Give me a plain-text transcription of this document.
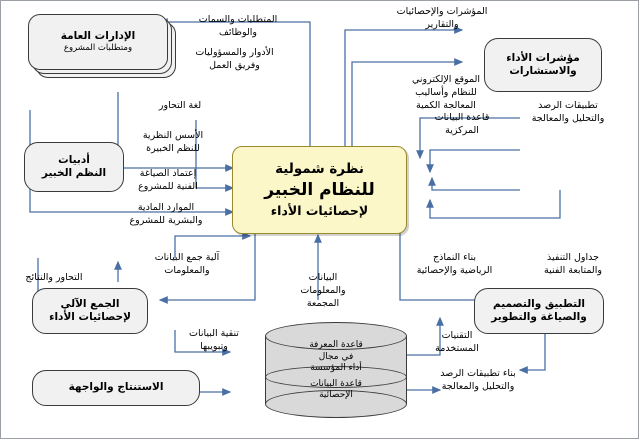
نظرة شمولية
للنظام الخبير
لإحصائيات الأداء
مؤشرات الأداء
والاستشارات
الإدارات العامة
ومتطلبات المشروع
أدبيات
النظم الخبير
التطبيق والتصميم
والصياغة والتطوير
الجمع الآلي
لإحصائيات الأداء
الاستنتاج والواجهة
قاعدة المعرفة
في مجال
أداء المؤسسة
قاعدة البيانات
الإحصائية
المؤشرات والإحصائيات
والتقارير
المتطلبات والسمات
والوظائف
الأدوار والمسؤوليات
وفريق العمل
الموقع الإلكتروني
للنظام وأساليب
المعالجة الكمية	تطبيقات الرصد
والتحليل والمعالجة
قاعدة البيانات
المركزية
لغة التحاور
الأسس النظرية
للنظم الخبيرة
إعتماد الصياغة
الفنية للمشروع
الموارد المادية
والبشرية للمشروع
جداول التنفيذ
والمتابعة الفنية
بناء النماذج
الرياضية والإحصائية
البيانات
والمعلومات
المجمعة
آلية جمع البيانات
والمعلومات
التحاور والنتائج
تنقية البيانات
وتبويبها
التقنيات
المستخدمة
بناء تطبيقات الرصد
والتحليل والمعالجة
